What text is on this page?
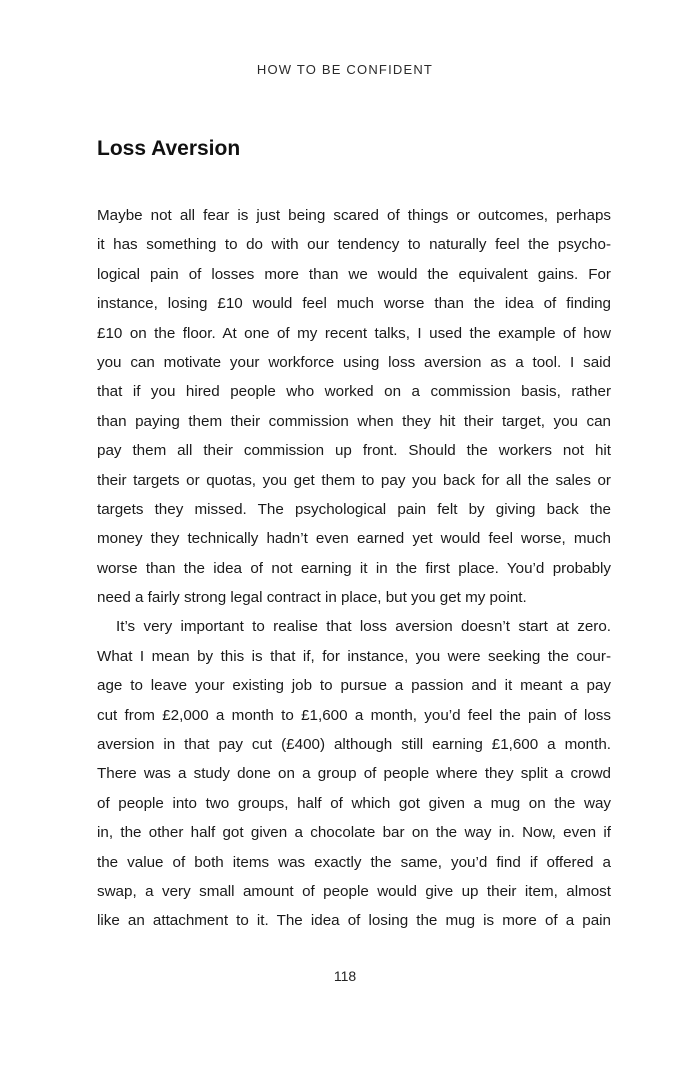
HOW TO BE CONFIDENT
Loss Aversion
Maybe not all fear is just being scared of things or outcomes, perhaps
it has something to do with our tendency to naturally feel the psycho-
logical pain of losses more than we would the equivalent gains. For
instance, losing £10 would feel much worse than the idea of finding
£10 on the floor. At one of my recent talks, I used the example of how
you can motivate your workforce using loss aversion as a tool. I said
that if you hired people who worked on a commission basis, rather
than paying them their commission when they hit their target, you can
pay them all their commission up front. Should the workers not hit
their targets or quotas, you get them to pay you back for all the sales or
targets they missed. The psychological pain felt by giving back the
money they technically hadn’t even earned yet would feel worse, much
worse than the idea of not earning it in the first place. You’d probably
need a fairly strong legal contract in place, but you get my point.
It’s very important to realise that loss aversion doesn’t start at zero.
What I mean by this is that if, for instance, you were seeking the cour-
age to leave your existing job to pursue a passion and it meant a pay
cut from £2,000 a month to £1,600 a month, you’d feel the pain of loss
aversion in that pay cut (£400) although still earning £1,600 a month.
There was a study done on a group of people where they split a crowd
of people into two groups, half of which got given a mug on the way
in, the other half got given a chocolate bar on the way in. Now, even if
the value of both items was exactly the same, you’d find if offered a
swap, a very small amount of people would give up their item, almost
like an attachment to it. The idea of losing the mug is more of a pain
118
